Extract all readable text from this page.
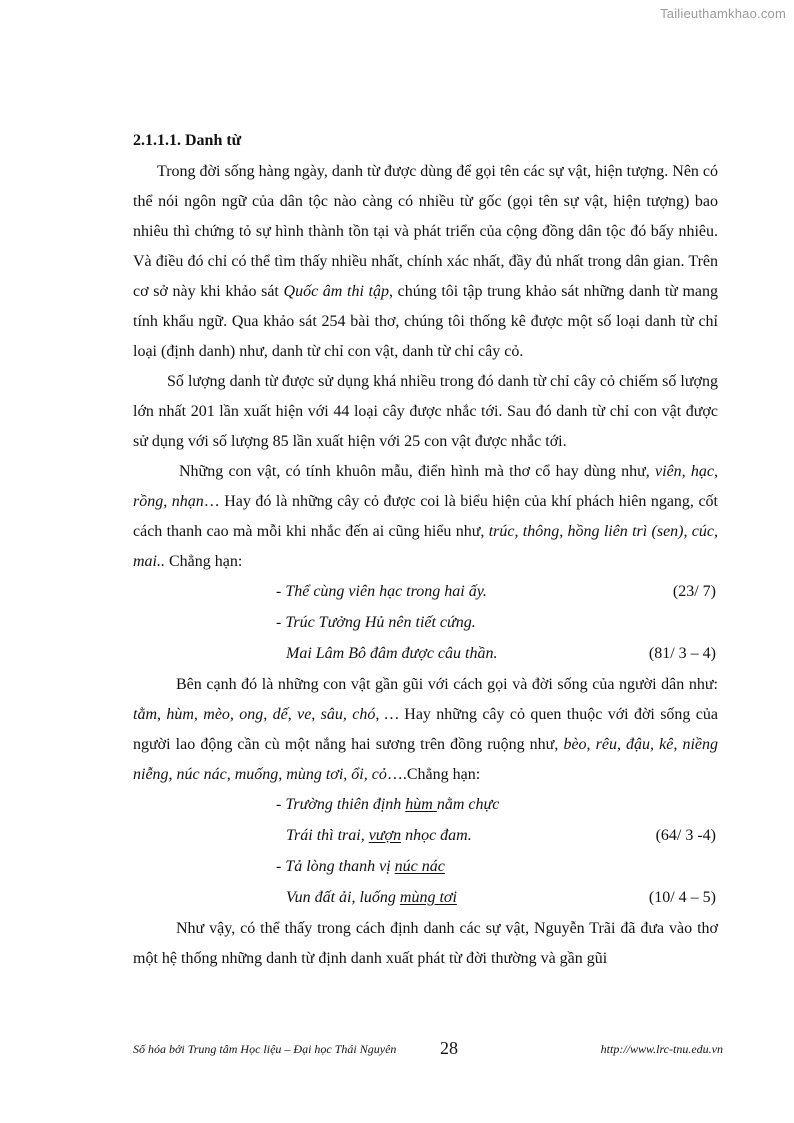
Tailieuthamkhao.com
2.1.1.1. Danh từ

Trong đời sống hàng ngày, danh từ được dùng để gọi tên các sự vật, hiện tượng. Nên có thể nói ngôn ngữ của dân tộc nào càng có nhiều từ gốc (gọi tên sự vật, hiện tượng) bao nhiêu thì chứng tỏ sự hình thành tồn tại và phát triển của cộng đồng dân tộc đó bấy nhiêu. Và điều đó chỉ có thể tìm thấy nhiều nhất, chính xác nhất, đầy đủ nhất trong dân gian. Trên cơ sở này khi khảo sát Quốc âm thi tập, chúng tôi tập trung khảo sát những danh từ mang tính khẩu ngữ. Qua khảo sát 254 bài thơ, chúng tôi thống kê được một số loại danh từ chỉ loại (định danh) như, danh từ chỉ con vật, danh từ chỉ cây cỏ.

Số lượng danh từ được sử dụng khá nhiều trong đó danh từ chỉ cây cỏ chiếm số lượng lớn nhất 201 lần xuất hiện với 44 loại cây được nhắc tới. Sau đó danh từ chỉ con vật được sử dụng với số lượng 85 lần xuất hiện với 25 con vật được nhắc tới.

Những con vật, có tính khuôn mẫu, điển hình mà thơ cổ hay dùng như, viên, hạc, rồng, nhạn… Hay đó là những cây cỏ được coi là biểu hiện của khí phách hiên ngang, cốt cách thanh cao mà mỗi khi nhắc đến ai cũng hiểu như, trúc, thông, hồng liên trì (sen), cúc, mai.. Chẳng hạn:

- Thể cùng viên hạc trong hai ấy.	(23/ 7)
- Trúc Tưởng Hủ nên tiết cứng.
Mai Lâm Bô đâm được câu thần.	(81/ 3 – 4)

Bên cạnh đó là những con vật gần gũi với cách gọi và đời sống của người dân như: tằm, hùm, mèo, ong, dế, ve, sâu, chó, … Hay những cây cỏ quen thuộc với đời sống của người lao động cần cù một nắng hai sương trên đồng ruộng như, bèo, rêu, đậu, kê, niềng niễng, núc nác, muống, mùng tơi, ổi, cỏ….Chẳng hạn:

- Trường thiên định hùm nằm chực
Trái thì trai, vượn nhọc đam.	(64/ 3 -4)
- Tả lòng thanh vị núc nác
Vun đất ải, luống mùng tơi	(10/ 4 – 5)

Như vậy, có thể thấy trong cách định danh các sự vật, Nguyễn Trãi đã đưa vào thơ một hệ thống những danh từ định danh xuất phát từ đời thường và gần gũi

Số hóa bởi Trung tâm Học liệu – Đại học Thái Nguyên 28	http://www.lrc-tnu.edu.vn
